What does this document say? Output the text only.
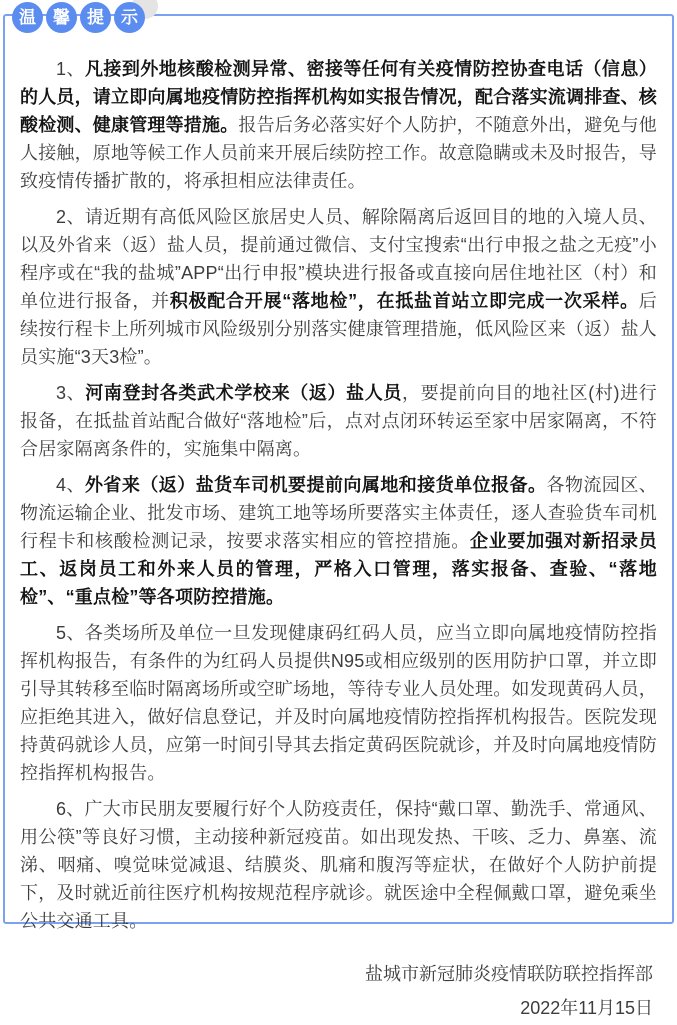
温	馨	提	示

1、凡接到外地核酸检测异常、密接等任何有关疫情防控协查电话（信息）的人员，请立即向属地疫情防控指挥机构如实报告情况，配合落实流调排查、核酸检测、健康管理等措施。报告后务必落实好个人防护，不随意外出，避免与他人接触，原地等候工作人员前来开展后续防控工作。故意隐瞒或未及时报告，导致疫情传播扩散的，将承担相应法律责任。

2、请近期有高低风险区旅居史人员、解除隔离后返回目的地的入境人员、以及外省来（返）盐人员，提前通过微信、支付宝搜索“出行申报之盐之无疫”小程序或在“我的盐城”APP“出行申报”模块进行报备或直接向居住地社区（村）和单位进行报备，并积极配合开展“落地检”，在抵盐首站立即完成一次采样。后续按行程卡上所列城市风险级别分别落实健康管理措施，低风险区来（返）盐人员实施“3天3检”。

3、河南登封各类武术学校来（返）盐人员，要提前向目的地社区(村)进行报备，在抵盐首站配合做好“落地检”后，点对点闭环转运至家中居家隔离，不符合居家隔离条件的，实施集中隔离。

4、外省来（返）盐货车司机要提前向属地和接货单位报备。各物流园区、物流运输企业、批发市场、建筑工地等场所要落实主体责任，逐人查验货车司机行程卡和核酸检测记录，按要求落实相应的管控措施。企业要加强对新招录员工、返岗员工和外来人员的管理，严格入口管理，落实报备、查验、“落地检”、“重点检”等各项防控措施。

5、各类场所及单位一旦发现健康码红码人员，应当立即向属地疫情防控指挥机构报告，有条件的为红码人员提供N95或相应级别的医用防护口罩，并立即引导其转移至临时隔离场所或空旷场地，等待专业人员处理。如发现黄码人员，应拒绝其进入，做好信息登记，并及时向属地疫情防控指挥机构报告。医院发现持黄码就诊人员，应第一时间引导其去指定黄码医院就诊，并及时向属地疫情防控指挥机构报告。

6、广大市民朋友要履行好个人防疫责任，保持“戴口罩、勤洗手、常通风、用公筷”等良好习惯，主动接种新冠疫苗。如出现发热、干咳、乏力、鼻塞、流涕、咽痛、嗅觉味觉减退、结膜炎、肌痛和腹泻等症状，在做好个人防护前提下，及时就近前往医疗机构按规范程序就诊。就医途中全程佩戴口罩，避免乘坐公共交通工具。

盐城市新冠肺炎疫情联防联控指挥部
2022年11月15日
